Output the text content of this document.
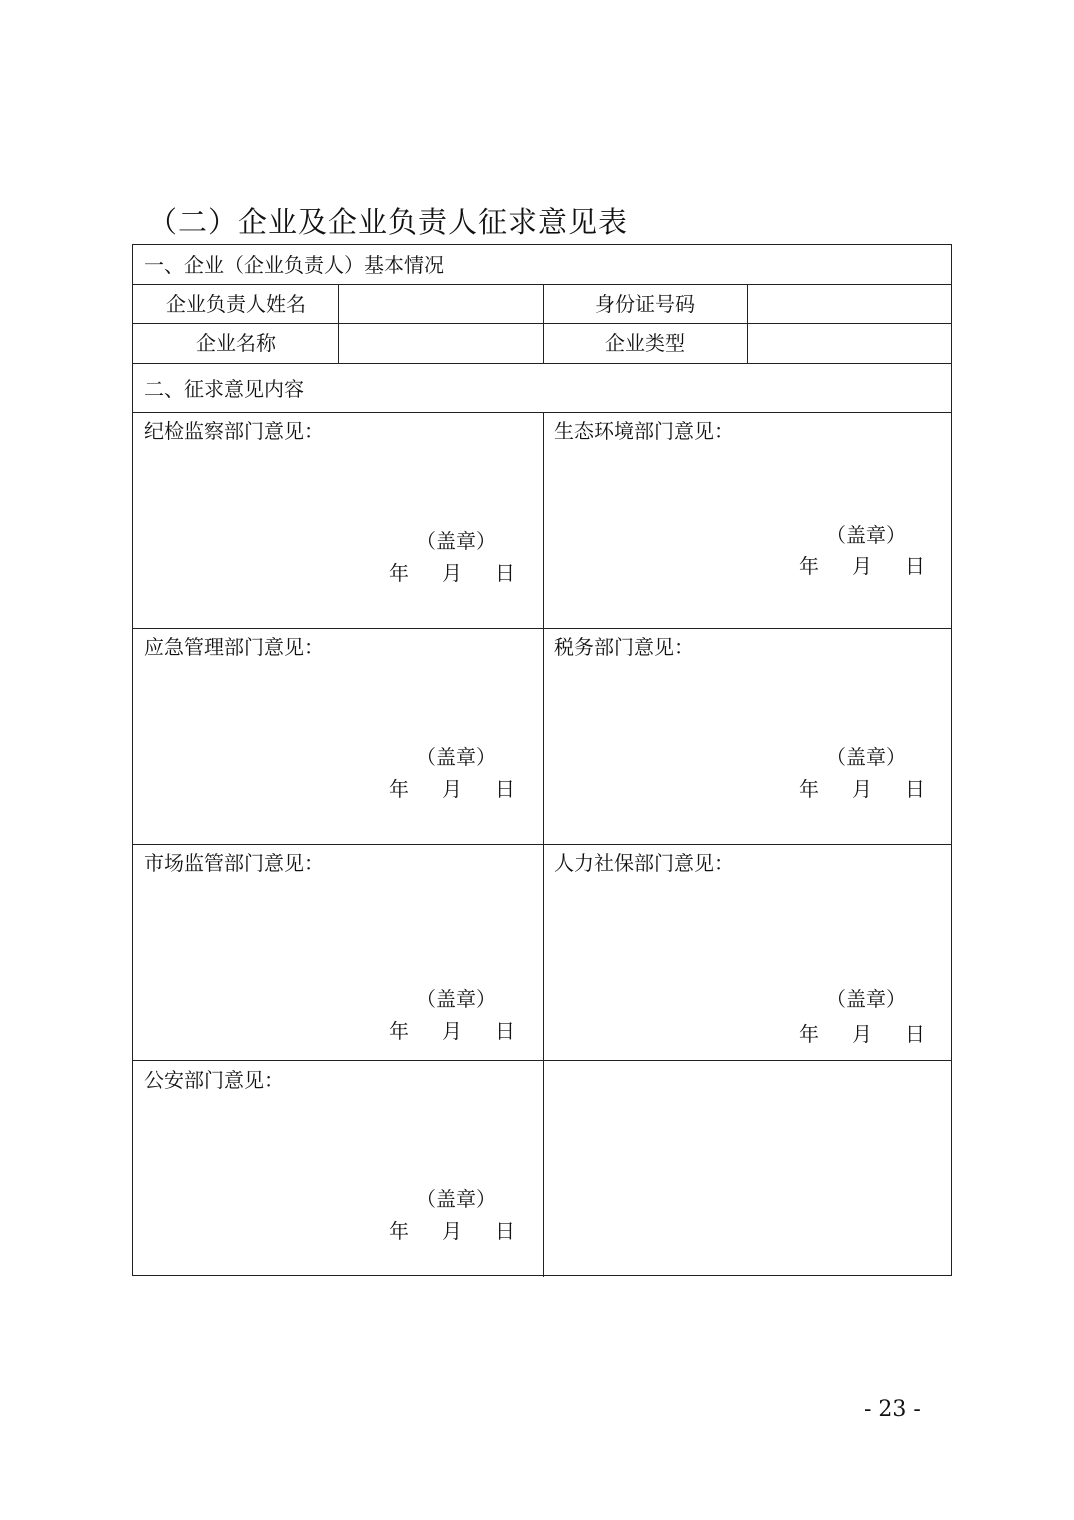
（二）企业及企业负责人征求意见表
一、企业（企业负责人）基本情况
企业负责人姓名	身份证号码
企业名称	企业类型
二、征求意见内容
纪检监察部门意见：
（盖章）
年 月 日
生态环境部门意见：
（盖章）
年 月 日
应急管理部门意见：
（盖章）
年 月 日
税务部门意见：
（盖章）
年 月 日
市场监管部门意见：
（盖章）
年 月 日
人力社保部门意见：
（盖章）
年 月 日
公安部门意见：
（盖章）
年 月 日
- 23 -
